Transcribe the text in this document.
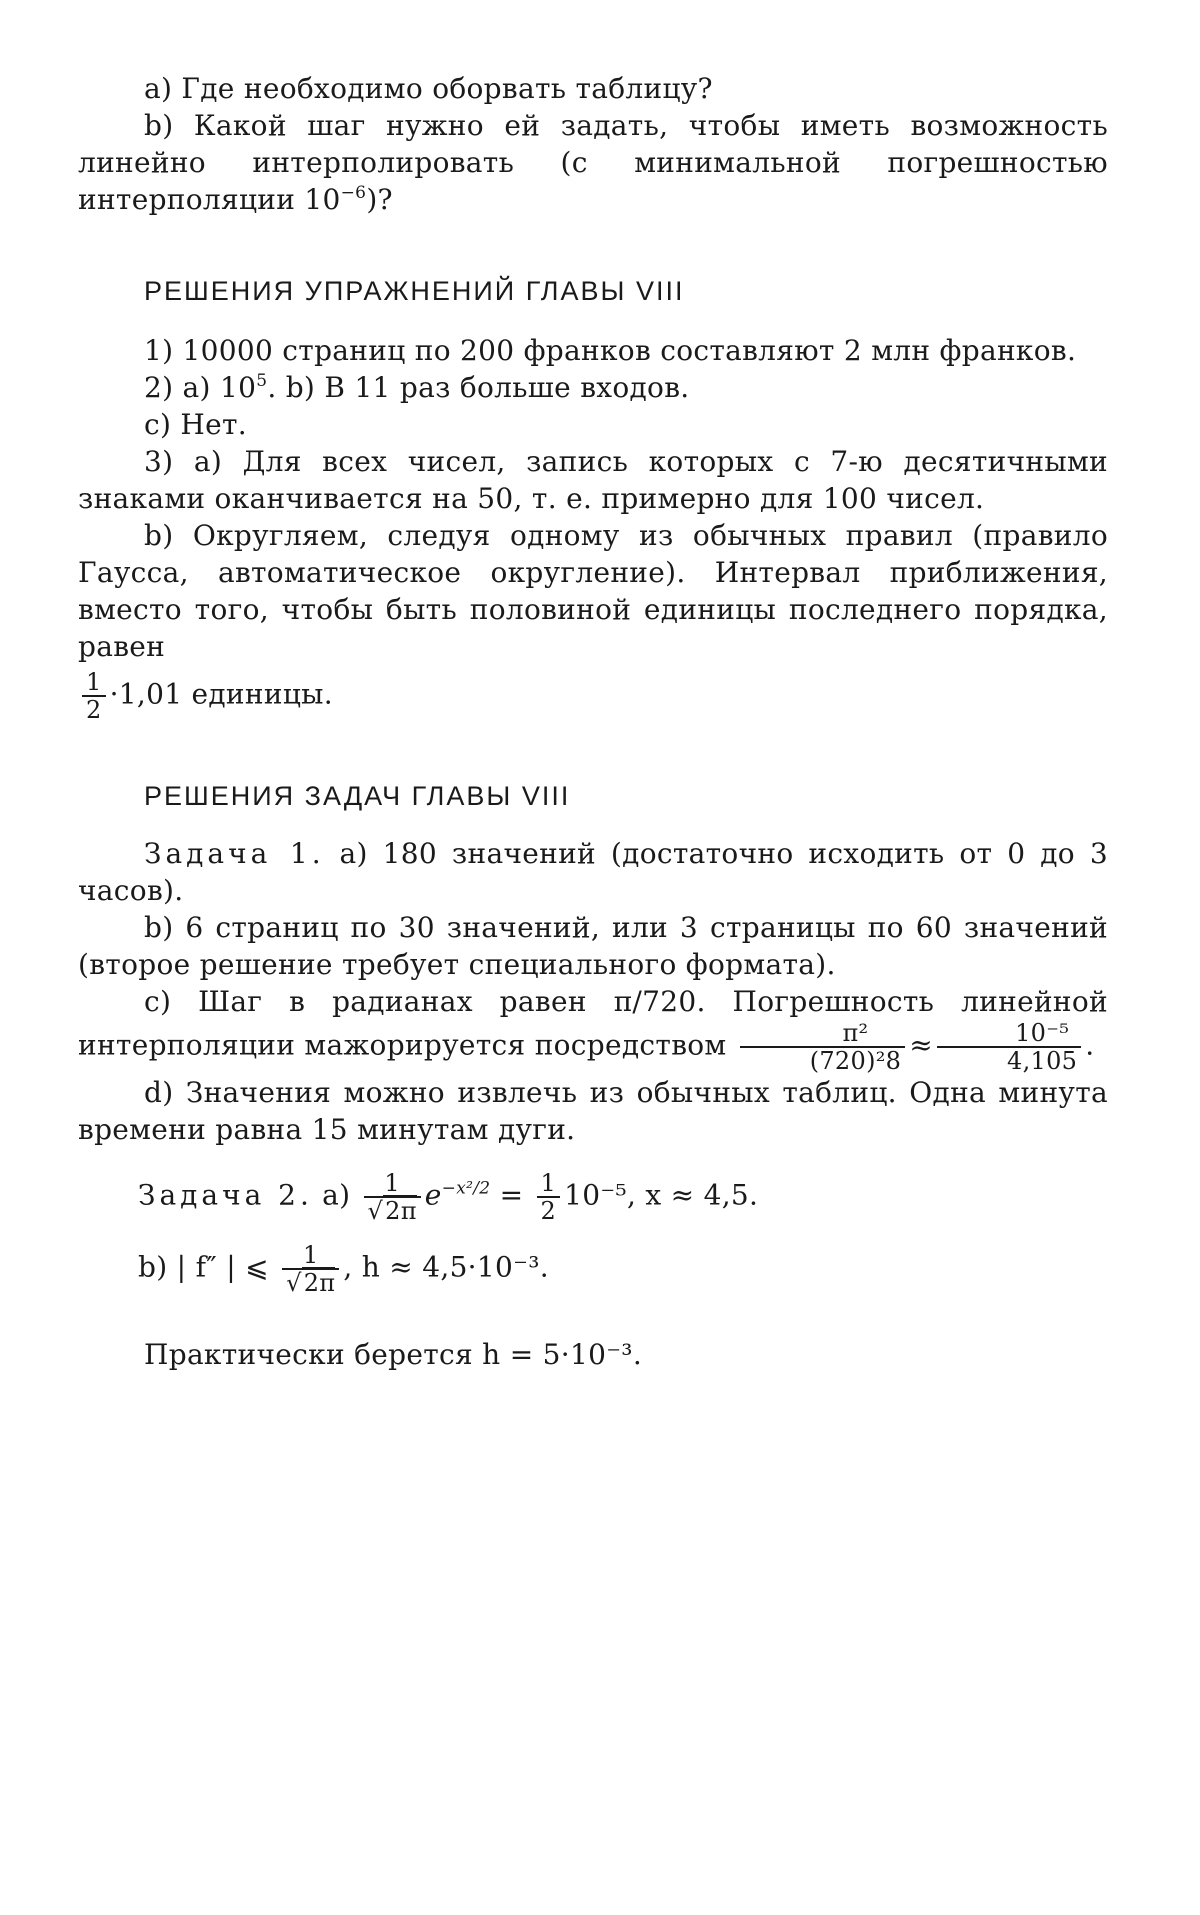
a) Где необходимо оборвать таблицу?

b) Какой шаг нужно ей задать, чтобы иметь возможность линейно интерполировать (с минимальной погрешностью интерполяции $10^{-6}$)?

РЕШЕНИЯ УПРАЖНЕНИЙ ГЛАВЫ VIII

1) 10000 страниц по 200 франков составляют 2 млн франков.

2) a) $10^5$. b) В 11 раз больше входов.

c) Нет.

3) a) Для всех чисел, запись которых с 7-ю десятичными знаками оканчивается на 50, т. е. примерно для 100 чисел.

b) Округляем, следуя одному из обычных правил (правило Гаусса, автоматическое округление). Интервал приближения, вместо того, чтобы быть половиной единицы последнего порядка, равен

$\frac{1}{2} \cdot 1,01$ единицы.

РЕШЕНИЯ ЗАДАЧ ГЛАВЫ VIII

Задача 1. a) 180 значений (достаточно исходить от 0 до 3 часов).

b) 6 страниц по 30 значений, или 3 страницы по 60 значений (второе решение требует специального формата).

c) Шаг в радианах равен π/720. Погрешность линейной интерполяции мажорируется посредством $\frac{\text{π²}}{\text{(720)²8}} \approx \frac{\text{10⁻⁵}}{4,105}$ .

d) Значения можно извлечь из обычных таблиц. Одна минута времени равна 15 минутам дуги.

Задача 2. $a) \frac{1}{√2\pi} e^{-x^2/2} = \frac{1}{2} 10^{-5}$, x ≈ 4,5.
b) | f″ | ⩽ $\frac{1}{√2\pi}$ , h ≈ 4,5·10⁻³.

Практически берется h = 5·10⁻³.
